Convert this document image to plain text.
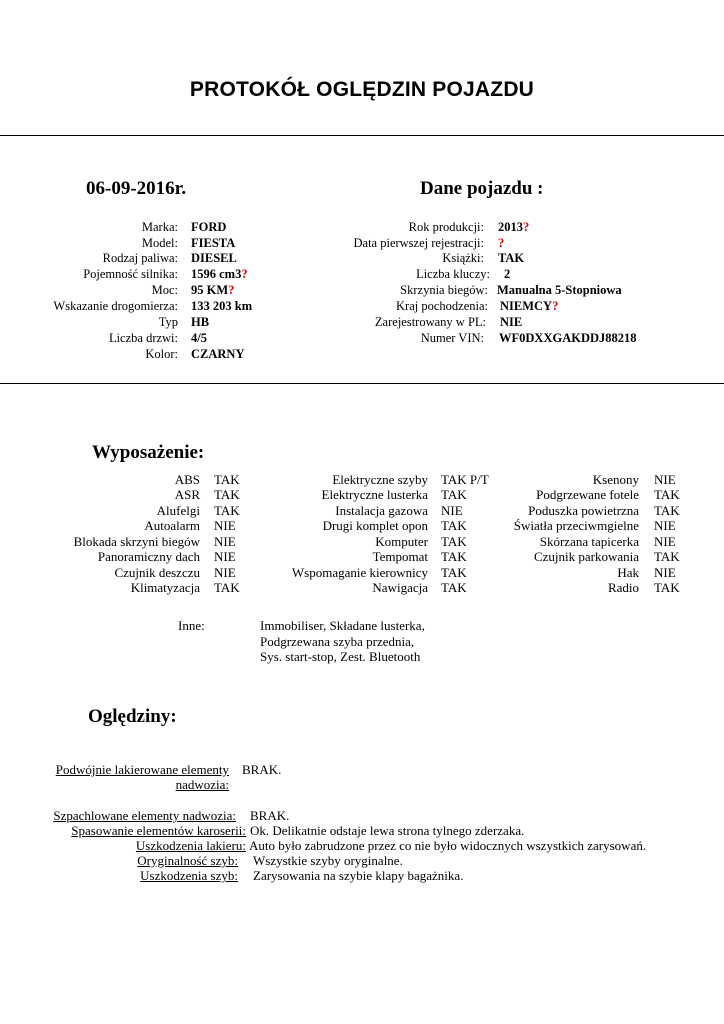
PROTOKÓŁ OGLĘDZIN POJAZDU
06-09-2016r.	Dane pojazdu :
Marka: FORD
Model: FIESTA
Rodzaj paliwa: DIESEL
Pojemność silnika: 1596 cm3?
Moc: 95 KM?
Wskazanie drogomierza: 133 203 km
Typ HB
Liczba drzwi: 4/5
Kolor: CZARNY
Rok produkcji: 2013?
Data pierwszej rejestracji: ?
Książki: TAK
Liczba kluczy: 2
Skrzynia biegów: Manualna 5-Stopniowa
Kraj pochodzenia: NIEMCY?
Zarejestrowany w PL: NIE
Numer VIN: WF0DXXGAKDDJ88218
Wyposażenie:
ABS TAK
ASR TAK
Alufelgi TAK
Autoalarm NIE
Blokada skrzyni biegów NIE
Panoramiczny dach NIE
Czujnik deszczu NIE
Klimatyzacja TAK
Elektryczne szyby TAK P/T
Elektryczne lusterka TAK
Instalacja gazowa NIE
Drugi komplet opon TAK
Komputer TAK
Tempomat TAK
Wspomaganie kierownicy TAK
Nawigacja TAK
Ksenony NIE
Podgrzewane fotele TAK
Poduszka powietrzna TAK
Światła przeciwmgielne NIE
Skórzana tapicerka NIE
Czujnik parkowania TAK
Hak NIE
Radio TAK
Inne:	Immobiliser, Składane lusterka,
Podgrzewana szyba przednia,
Sys. start-stop, Zest. Bluetooth
Oględziny:
Podwójnie lakierowane elementy
nadwozia:
BRAK.
Szpachlowane elementy nadwozia: BRAK.
Spasowanie elementów karoserii: Ok. Delikatnie odstaje lewa strona tylnego zderzaka.
Uszkodzenia lakieru: Auto było zabrudzone przez co nie było widocznych wszystkich zarysowań.
Oryginalność szyb: Wszystkie szyby oryginalne.
Uszkodzenia szyb: Zarysowania na szybie klapy bagażnika.
